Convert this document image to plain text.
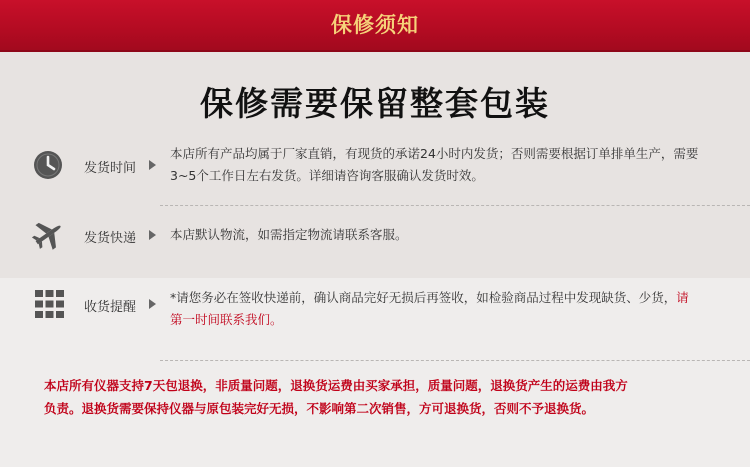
保修须知
保修需要保留整套包装
发货时间
本店所有产品均属于厂家直销，有现货的承诺24小时内发货；否则需要根据订单排单生产，需要
3~5个工作日左右发货。详细请咨询客服确认发货时效。
发货快递	本店默认物流，如需指定物流请联系客服。
收货提醒
*请您务必在签收快递前，确认商品完好无损后再签收，如检验商品过程中发现缺货、少货，请
第一时间联系我们。
本店所有仪器支持7天包退换，非质量问题，退换货运费由买家承担，质量问题，退换货产生的运费由我方
负责。退换货需要保持仪器与原包装完好无损，不影响第二次销售，方可退换货，否则不予退换货。
